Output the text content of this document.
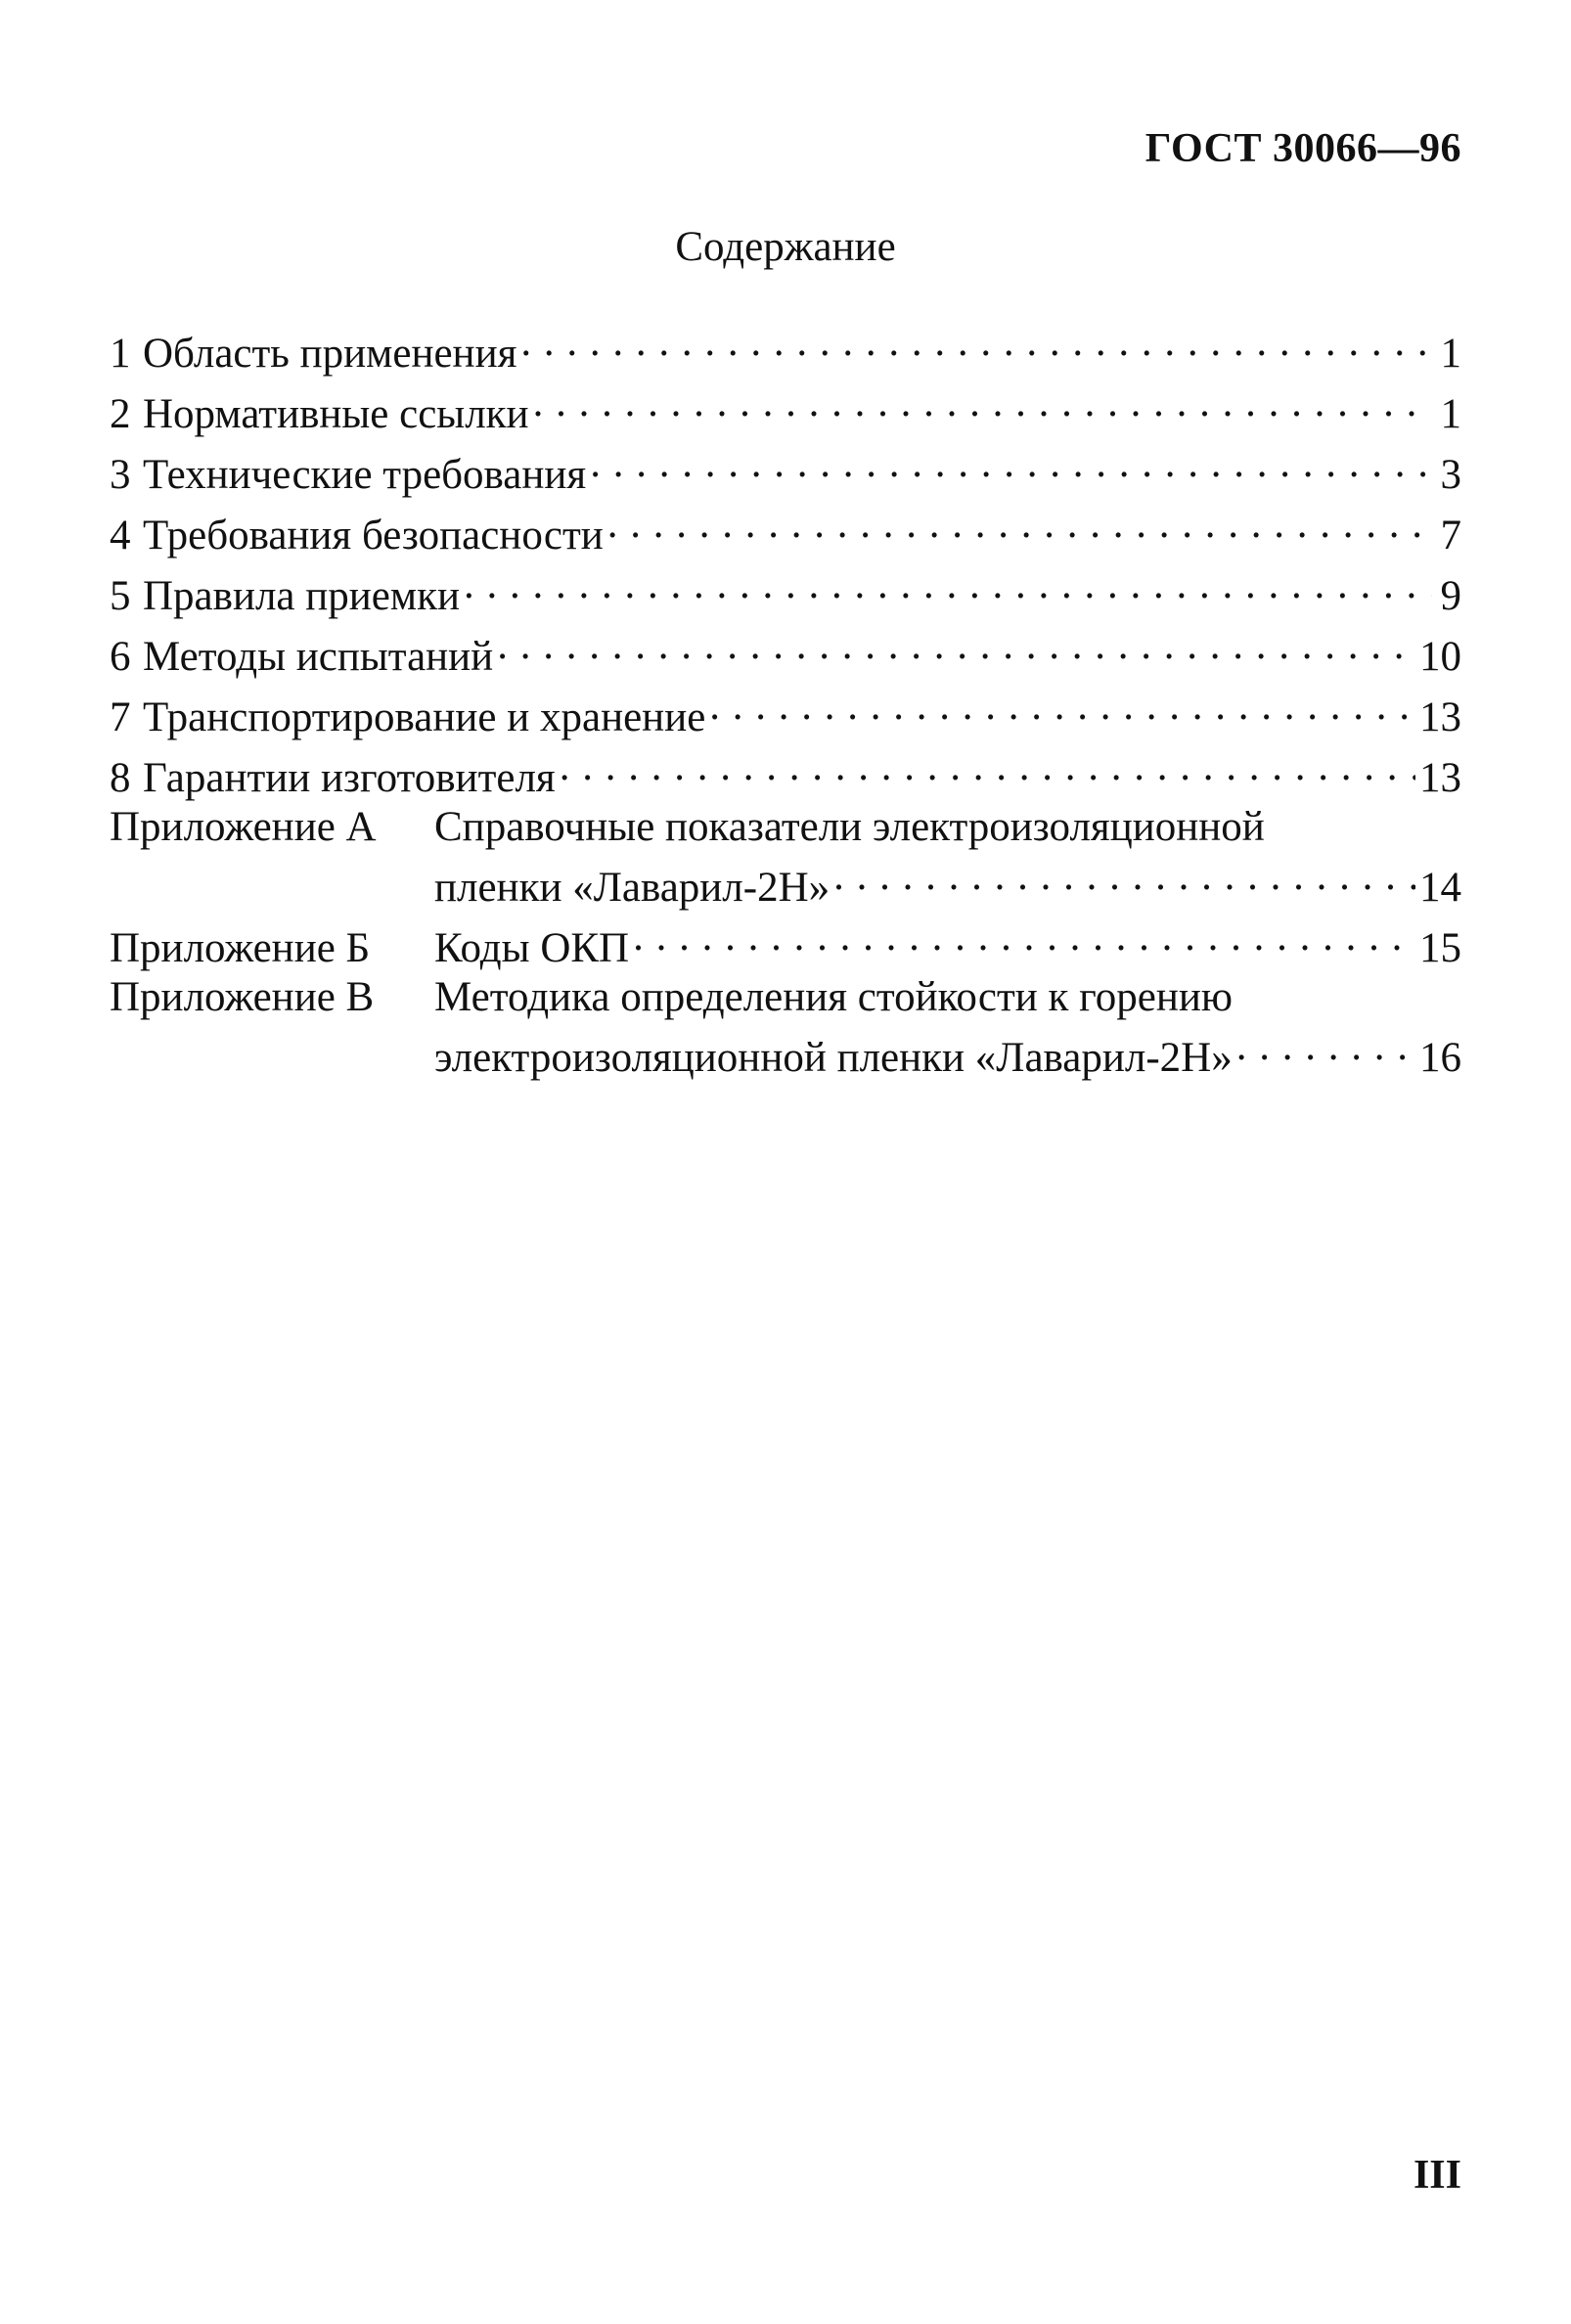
ГОСТ 30066—96
Содержание
1 Область применения . . .	1
2 Нормативные ссылки . . .	1
3 Технические требования . . .	3
4 Требования безопасности . . .	7
5 Правила приемки . . .	9
6 Методы испытаний . . .	10
7 Транспортирование и хранение . . .	13
8 Гарантии изготовителя . . .	13
Приложение А	Справочные показатели электроизоляционной
пленки «Лаварил-2Н» . . .	14
Приложение Б	Коды ОКП . . .	15
Приложение В	Методика определения стойкости к горению
электроизоляционной пленки «Лаварил-2Н» . . .	16
III
